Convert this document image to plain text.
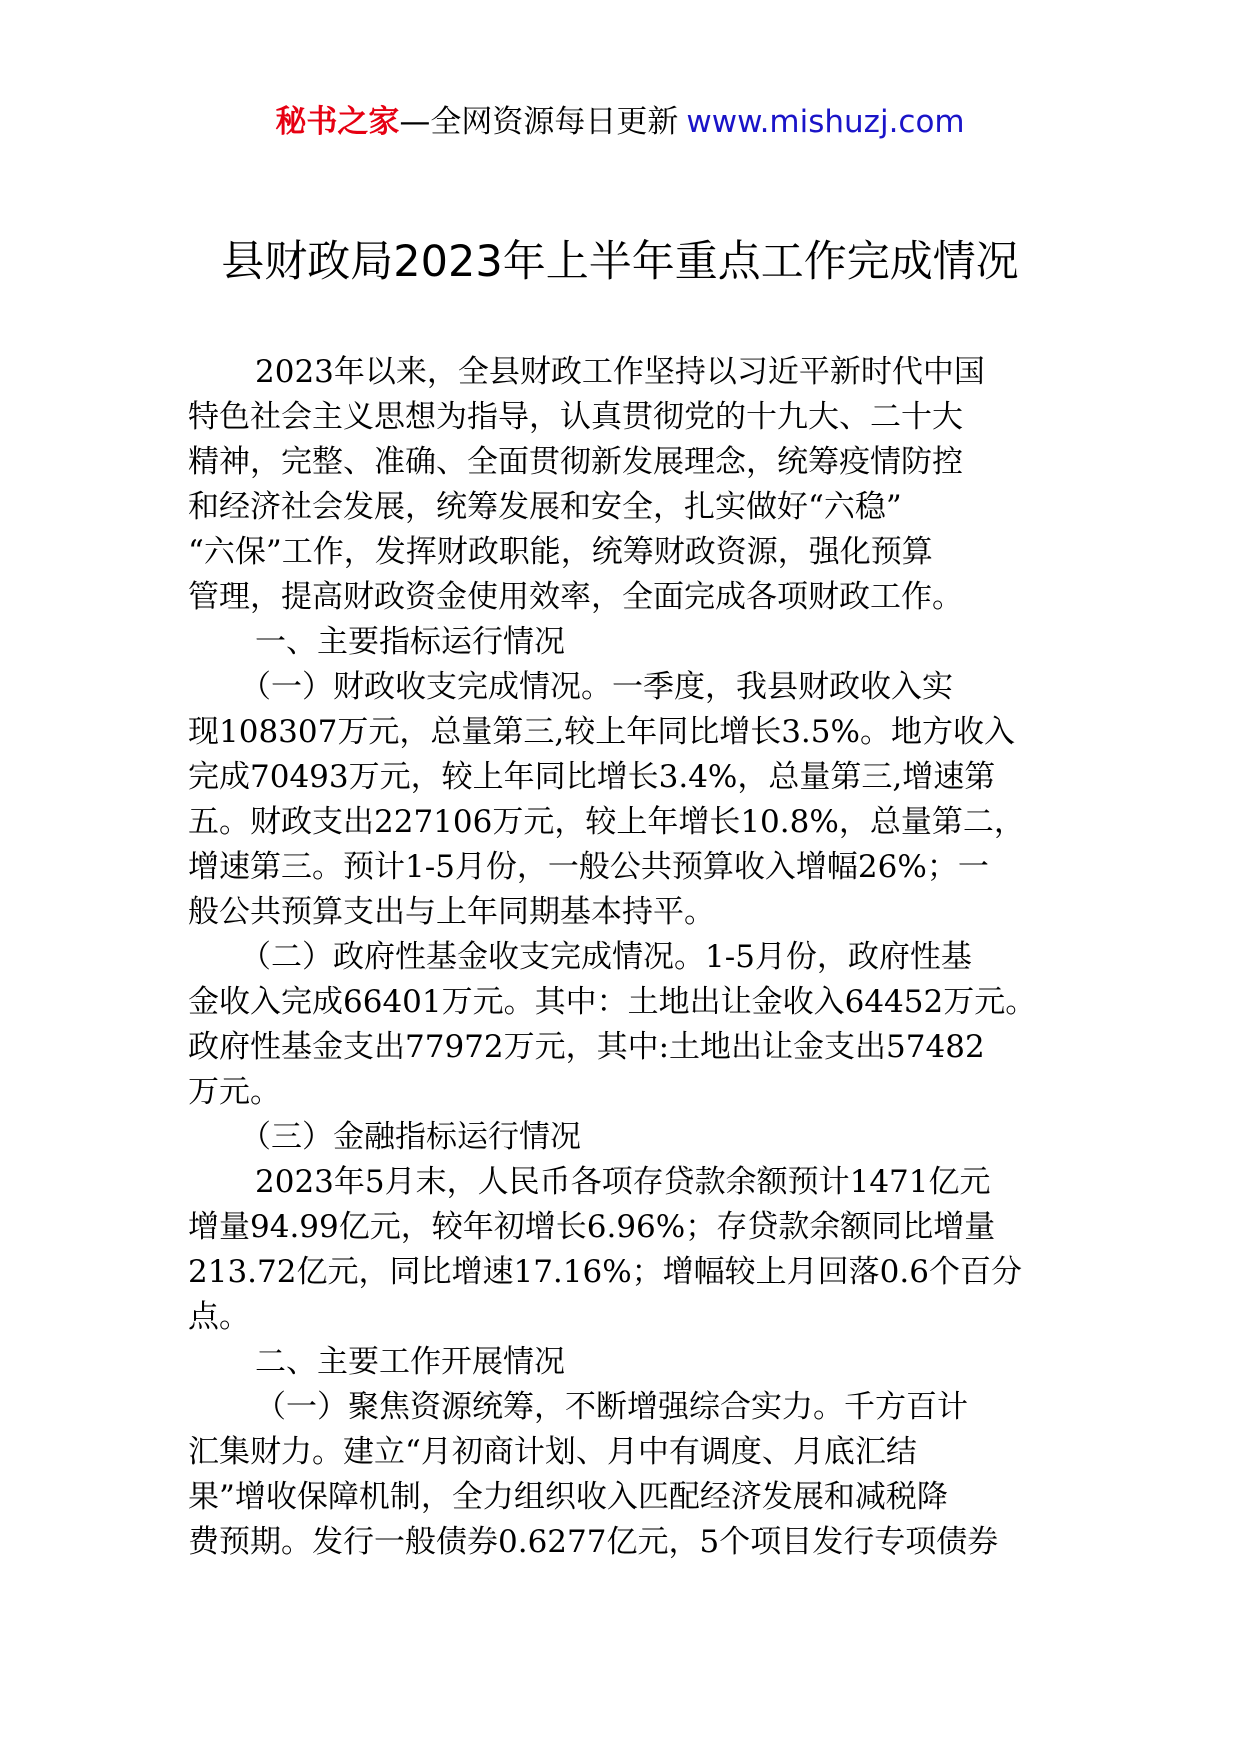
秘书之家—全网资源每日更新 www.mishuzj.com
县财政局2023年上半年重点工作完成情况
2023年以来，全县财政工作坚持以习近平新时代中国
特色社会主义思想为指导，认真贯彻党的十九大、二十大
精神，完整、准确、全面贯彻新发展理念，统筹疫情防控
和经济社会发展，统筹发展和安全，扎实做好“六稳”
“六保”工作，发挥财政职能，统筹财政资源，强化预算
管理，提高财政资金使用效率，全面完成各项财政工作。
一、主要指标运行情况
（一）财政收支完成情况。一季度，我县财政收入实
现108307万元，总量第三,较上年同比增长3.5%。地方收入
完成70493万元，较上年同比增长3.4%，总量第三,增速第
五。财政支出227106万元，较上年增长10.8%，总量第二，
增速第三。预计1-5月份，一般公共预算收入增幅26%；一
般公共预算支出与上年同期基本持平。
（二）政府性基金收支完成情况。1-5月份，政府性基
金收入完成66401万元。其中：土地出让金收入64452万元。
政府性基金支出77972万元，其中:土地出让金支出57482
万元。
（三）金融指标运行情况
2023年5月末，人民币各项存贷款余额预计1471亿元
增量94.99亿元，较年初增长6.96%；存贷款余额同比增量
213.72亿元，同比增速17.16%；增幅较上月回落0.6个百分
点。
二、主要工作开展情况
（一）聚焦资源统筹，不断增强综合实力。千方百计
汇集财力。建立“月初商计划、月中有调度、月底汇结
果”增收保障机制，全力组织收入匹配经济发展和减税降
费预期。发行一般债券0.6277亿元，5个项目发行专项债券
